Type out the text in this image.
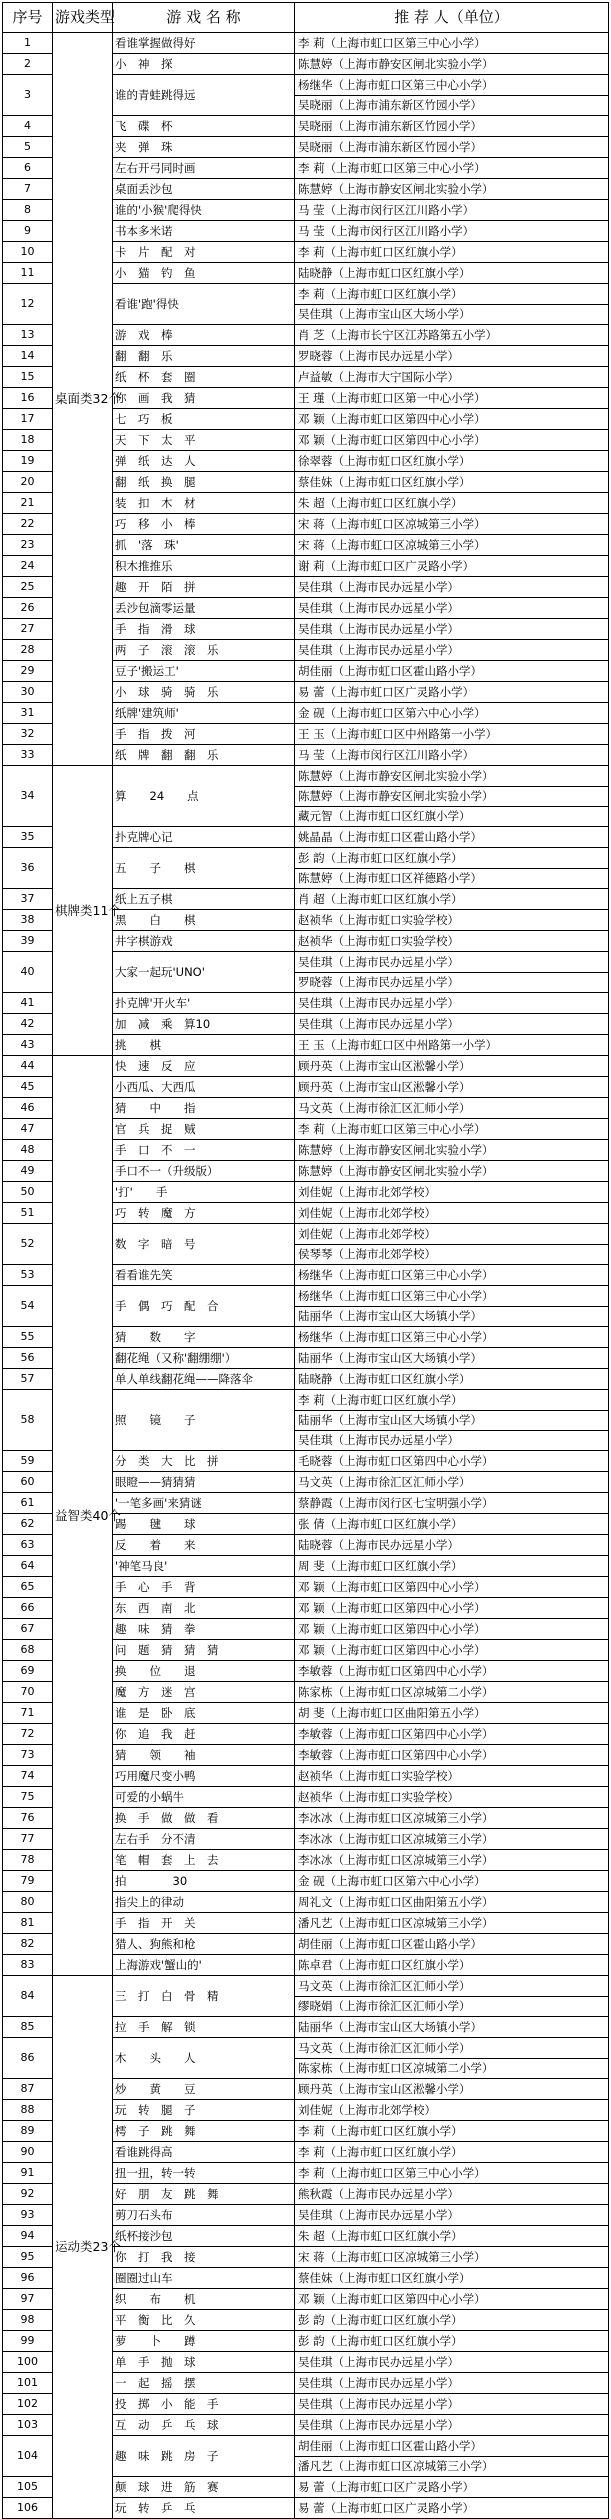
序号	游戏类型	游 戏 名 称	推 荐 人（单位）
1	桌面类32个	看谁掌握做得好	李 莉（上海市虹口区第三中心小学）

2		小　神　探	陈慧婷（上海市静安区闸北实验小学）

3		谁的青蛙跳得远	杨继华（上海市虹口区第三中心小学）
吴晓丽（上海市浦东新区竹园小学）

4		飞　碟　杯	吴晓丽（上海市浦东新区竹园小学）

5		夹　弹　珠	吴晓丽（上海市浦东新区竹园小学）

6		左右开弓同时画	李 莉（上海市虹口区第三中心小学）

7		桌面丢沙包	陈慧婷（上海市静安区闸北实验小学）

8		谁的'小猴'爬得快	马 莹（上海市闵行区江川路小学）

9		书本多米诺	马 莹（上海市闵行区江川路小学）

10		卡　片　配　对	李 莉（上海市虹口区红旗小学）

11		小　猫　钓　鱼	陆晓静（上海市虹口区红旗小学）

12		看谁'跑'得快	李 莉（上海市虹口区红旗小学）
吴佳琪（上海市宝山区大场小学）

13		游　戏　棒	肖 芝（上海市长宁区江苏路第五小学）

14		翻　翻　乐	罗晓蓉（上海市民办远星小学）

15		纸　杯　套　圈	卢益敏（上海市大宁国际小学）

16		你　画　我　猜	王 瑾（上海市虹口区第一中心小学）

17		七　巧　板	邓 颖（上海市虹口区第四中心小学）

18		天　下　太　平	邓 颖（上海市虹口区第四中心小学）

19		弹　纸　达　人	徐翠蓉（上海市虹口区红旗小学）

20		翻　纸　换　腿	蔡佳妹（上海市虹口区红旗小学）

21		装　扣　木　材	朱 超（上海市虹口区红旗小学）

22		巧　移　小　棒	宋 蒋（上海市虹口区凉城第三小学）

23		抓　'落　珠'	宋 蒋（上海市虹口区凉城第三小学）

24		积木推推乐	谢 莉（上海市虹口区广灵路小学）

25		趣　开　陌　拼	吴佳琪（上海市民办远星小学）

26		丢沙包滴零运量	吴佳琪（上海市民办远星小学）

27		手　指　滑　球	吴佳琪（上海市民办远星小学）

28		两　子　滚　滚　乐	吴佳琪（上海市民办远星小学）

29		豆子'搬运工'	胡佳丽（上海市虹口区霍山路小学）

30		小　球　骑　骑　乐	易 蕾（上海市虹口区广灵路小学）

31		纸牌'建筑师'	金 砚（上海市虹口区第六中心小学）

32		手　指　拨　河	王 玉（上海市虹口区中州路第一小学）

33		纸　牌　翻　翻　乐	马 莹（上海市闵行区江川路小学）

34	棋牌类11个	算　　24　　点	陈慧婷（上海市静安区闸北实验小学）
陈慧婷（上海市静安区闸北实验小学）
藏元智（上海市虹口区红旗小学）

35		扑克牌心记	姚晶晶（上海市虹口区霍山路小学）

36		五　　子　　棋	彭 韵（上海市虹口区红旗小学）
陈慧婷（上海市虹口区祥德路小学）

37		纸上五子棋	肖 超（上海市虹口区红旗小学）

38		黑　　白　　棋	赵祯华（上海市虹口实验学校）

39		井字棋游戏	赵祯华（上海市虹口实验学校）

40		大家一起玩'UNO'	吴佳琪（上海市民办远星小学）
罗晓蓉（上海市民办远星小学）

41		扑克牌'开火车'	吴佳琪（上海市民办远星小学）

42		加　减　乘　算10	吴佳琪（上海市民办远星小学）

43		挑　　棋	王 玉（上海市虹口区中州路第一小学）

44	益智类40个	快　速　反　应	顾丹英（上海市宝山区淞馨小学）

45		小西瓜、大西瓜	顾丹英（上海市宝山区淞馨小学）

46		猜　　中　　指	马文英（上海市徐汇区汇师小学）

47		官　兵　捉　贼	李 莉（上海市虹口区第三中心小学）

48		手　口　不　一	陈慧婷（上海市静安区闸北实验小学）

49		手口不一（升级版）	陈慧婷（上海市静安区闸北实验小学）

50		'打'　　手	刘佳妮（上海市北郊学校）

51		巧　转　魔　方	刘佳妮（上海市北郊学校）

52		数　字　暗　号	刘佳妮（上海市北郊学校）
侯琴琴（上海市北郊学校）

53		看看谁先笑	杨继华（上海市虹口区第三中心小学）

54		手　偶　巧　配　合	杨继华（上海市虹口区第三中心小学）
陆丽华（上海市宝山区大场镇小学）

55		猜　　数　　字	杨继华（上海市虹口区第三中心小学）

56		翻花绳（又称'翻绷绷'）	陆丽华（上海市宝山区大场镇小学）

57		单人单线翻花绳——降落伞	陆晓静（上海市虹口区红旗小学）

58		照　　镜　　子	李 莉（上海市虹口区红旗小学）
陆丽华（上海市宝山区大场镇小学）
吴佳琪（上海市民办远星小学）

59		分　类　大　比　拼	毛晓蓉（上海市虹口区第四中心小学）

60		眼瞪——猜猜猜	马文英（上海市徐汇区汇师小学）

61		'一笔多画'来猜谜	蔡静霞（上海市闵行区七宝明强小学）

62		踢　　毽　　球	张 倩（上海市虹口区红旗小学）

63		反　　着　　来	陆晓蓉（上海市民办远星小学）

64		'神笔马良'	周 斐（上海市虹口区红旗小学）

65		手　心　手　背	邓 颖（上海市虹口区第四中心小学）

66		东　西　南　北	邓 颖（上海市虹口区第四中心小学）

67		趣　味　猜　拳	邓 颖（上海市虹口区第四中心小学）

68		问　题　猜　猜　猜	邓 颖（上海市虹口区第四中心小学）

69		换　　位　　退	李敏蓉（上海市虹口区第四中心小学）

70		魔　方　迷　宫	陈家栋（上海市虹口区凉城第二小学）

71		谁　是　卧　底	胡 斐（上海市虹口区曲阳第五小学）

72		你　追　我　赶	李敏蓉（上海市虹口区第四中心小学）

73		猜　　领　　袖	李敏蓉（上海市虹口区第四中心小学）

74		巧用魔尺变小鸭	赵祯华（上海市虹口实验学校）

75		可爱的小蜗牛	赵祯华（上海市虹口实验学校）

76		换　手　做　做　看	李冰冰（上海市虹口区凉城第三小学）

77		左右手　分不清	李冰冰（上海市虹口区凉城第三小学）

78		笔　帽　套　上　去	李冰冰（上海市虹口区凉城第三小学）

79		拍　　　　30	金 砚（上海市虹口区第六中心小学）

80		指尖上的律动	周礼文（上海市虹口区曲阳第五小学）

81		手　指　开　关	潘凡艺（上海市虹口区凉城第三小学）

82		猎人、狗熊和枪	胡佳丽（上海市虹口区霍山路小学）

83		上海游戏'蟹山的'	陈卓君（上海市虹口区红旗小学）

84	运动类23个	三　打　白　骨　精	马文英（上海市徐汇区汇师小学）
缪晓娟（上海市徐汇区汇师小学）

85		拉　手　解　锁	陆丽华（上海市宝山区大场镇小学）

86		木　　头　　人	马文英（上海市徐汇区汇师小学）
陈家栋（上海市虹口区凉城第二小学）

87		炒　　黄　　豆	顾丹英（上海市宝山区淞馨小学）

88		玩　转　腿　子	刘佳妮（上海市北郊学校）

89		樗　子　跳　舞	李 莉（上海市虹口区红旗小学）

90		看谁跳得高	李 莉（上海市虹口区红旗小学）

91		扭一扭，转一转	李 莉（上海市虹口区第三中心小学）

92		好　朋　友　跳　舞	熊秋霞（上海市民办远星小学）

93		剪刀石头布	吴佳琪（上海市民办远星小学）

94		纸杯接沙包	朱 超（上海市虹口区红旗小学）

95		你　打　我　接	宋 蒋（上海市虹口区凉城第三小学）

96		圈圈过山车	蔡佳妹（上海市虹口区红旗小学）

97		织　　布　　机	邓 颖（上海市虹口区第四中心小学）

98		平　衡　比　久	彭 韵（上海市虹口区红旗小学）

99		萝　　卜　　蹲	彭 韵（上海市虹口区红旗小学）

100		单　手　抛　球	吴佳琪（上海市民办远星小学）

101		一　起　摇　摆	吴佳琪（上海市民办远星小学）

102		投　掷　小　能　手	吴佳琪（上海市民办远星小学）

103		互　动　乒　乓　球	吴佳琪（上海市民办远星小学）

104		趣　味　跳　房　子	胡佳丽（上海市虹口区霍山路小学）
潘凡艺（上海市虹口区凉城第三小学）

105		颠　球　进　筋　赛	易 蕾（上海市虹口区广灵路小学）

106		玩　转　乒　乓	易 蕾（上海市虹口区广灵路小学）
